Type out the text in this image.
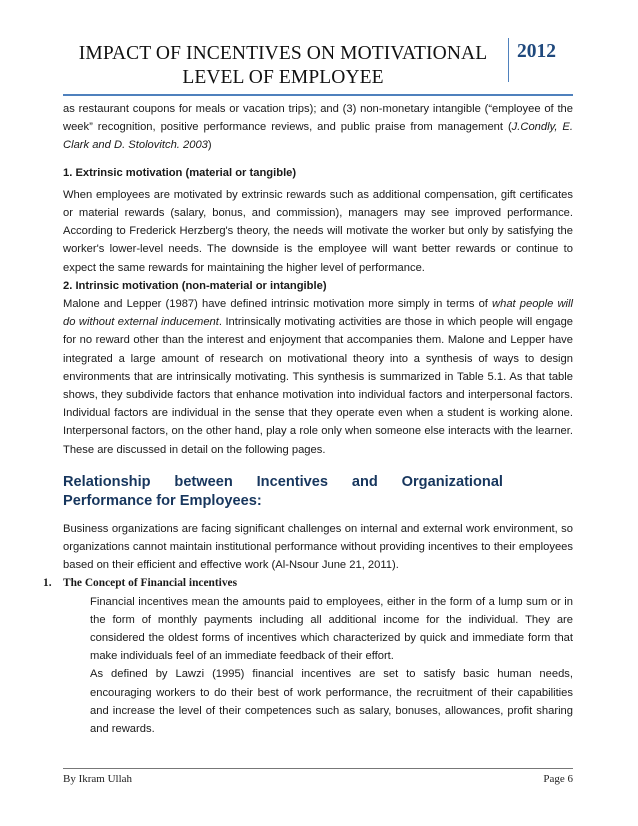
IMPACT OF INCENTIVES ON MOTIVATIONAL LEVEL OF EMPLOYEE
2012

as restaurant coupons for meals or vacation trips); and (3) non-monetary intangible (“employee of the week” recognition, positive performance reviews, and public praise from management (J.Condly, E. Clark and D. Stolovitch. 2003)

1. Extrinsic motivation (material or tangible)

When employees are motivated by extrinsic rewards such as additional compensation, gift certificates or material rewards (salary, bonus, and commission), managers may see improved performance. According to Frederick Herzberg's theory, the needs will motivate the worker but only by satisfying the worker's lower-level needs. The downside is the employee will want better rewards or continue to expect the same rewards for maintaining the higher level of performance.

2. Intrinsic motivation (non-material or intangible)

Malone and Lepper (1987) have defined intrinsic motivation more simply in terms of what people will do without external inducement. Intrinsically motivating activities are those in which people will engage for no reward other than the interest and enjoyment that accompanies them. Malone and Lepper have integrated a large amount of research on motivational theory into a synthesis of ways to design environments that are intrinsically motivating. This synthesis is summarized in Table 5.1. As that table shows, they subdivide factors that enhance motivation into individual factors and interpersonal factors. Individual factors are individual in the sense that they operate even when a student is working alone. Interpersonal factors, on the other hand, play a role only when someone else interacts with the learner. These are discussed in detail on the following pages.

Relationship between Incentives and Organizational Performance for Employees:

Business organizations are facing significant challenges on internal and external work environment, so organizations cannot maintain institutional performance without providing incentives to their employees based on their efficient and effective work (Al-Nsour June 21, 2011).

1. The Concept of Financial incentives

Financial incentives mean the amounts paid to employees, either in the form of a lump sum or in the form of monthly payments including all additional income for the individual. They are considered the oldest forms of incentives which characterized by quick and immediate form that make individuals feel of an immediate feedback of their effort.

As defined by Lawzi (1995) financial incentives are set to satisfy basic human needs, encouraging workers to do their best of work performance, the recruitment of their capabilities and increase the level of their competences such as salary, bonuses, allowances, profit sharing and rewards.

By Ikram Ullah	Page 6
